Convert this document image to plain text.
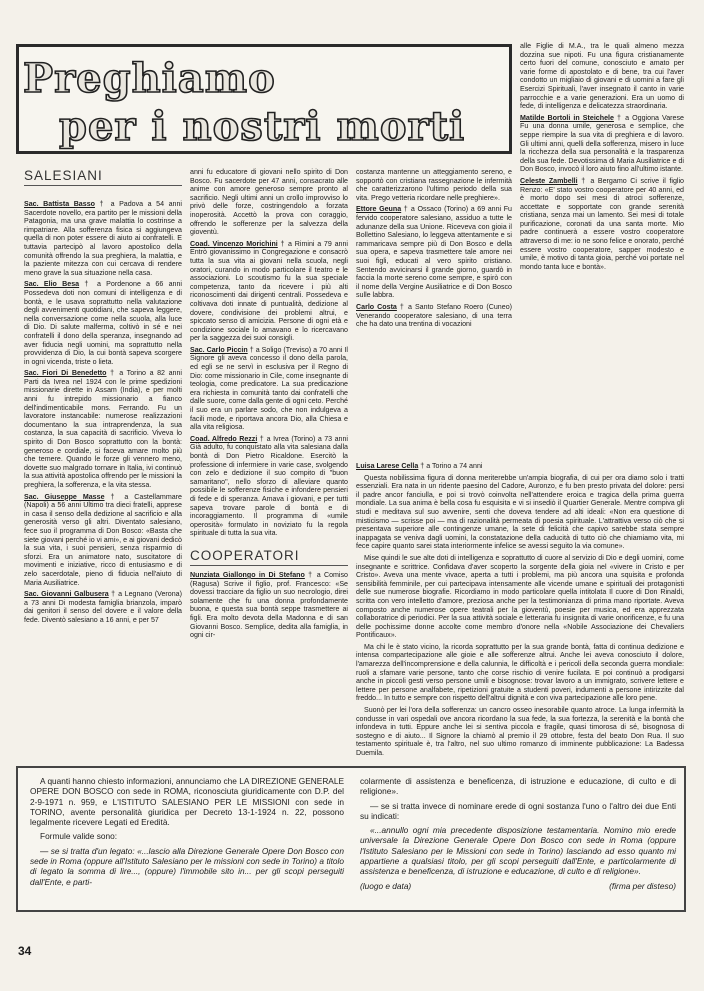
Preghiamo
per i nostri morti
SALESIANI

Sac. Battista Basso † a Padova a 54 anni Sacerdote novello, era partito per le missioni della Patagonia, ma una grave malattia lo costrinse a rimpatriare. Alla sofferenza fisica si aggiungeva quella di non poter essere di aiuto ai confratelli. E tuttavia partecipò al lavoro apostolico della comunità offrendo la sua preghiera, la malattia, e la paziente mitezza con cui cercava di rendere meno grave la sua situazione nella casa.

Sac. Elio Besa † a Pordenone a 66 anni Possedeva doti non comuni di intelligenza e di bontà, e le usava soprattutto nella valutazione degli avvenimenti quotidiani, che sapeva leggere, nella conversazione come nella scuola, alla luce di Dio. Di salute malferma, coltivò in sé e nei confratelli il dono della speranza, insegnando ad aver fiducia negli uomini, ma soprattutto nella provvidenza di Dio, la cui bontà sapeva scorgere in ogni vicenda, triste o lieta.

Sac. Fiori Di Benedetto † a Torino a 82 anni Parti da Ivrea nel 1924 con le prime spedizioni missionarie dirette in Assam (India), e per molti anni fu intrepido missionario a fianco dell'indimenticabile mons. Ferrando. Fu un lavoratore instancabile: numerose realizzazioni documentano la sua intraprendenza, la sua costanza, la sua capacità di sacrificio. Viveva lo spirito di Don Bosco soprattutto con la bontà: generoso e cordiale, si faceva amare molto più che temere. Quando le forze gli vennero meno, dovette suo malgrado tornare in Italia, ivi continuò la sua attività apostolica offrendo per le missioni la preghiera, la sofferenza, e la vita stessa.

Sac. Giuseppe Masse † a Castellammare (Napoli) a 56 anni Ultimo tra dieci fratelli, apprese in casa il senso della dedizione al sacrificio e alla generosità verso gli altri. Diventato salesiano, fece suo il programma di Don Bosco: «Basta che siete giovani perché io vi ami», e ai giovani dedicò la sua vita, i suoi pensieri, senza risparmio di sforzi. Era un animatore nato, suscitatore di movimenti e iniziative, ricco di entusiasmo e di zelo sacerdotale, pieno di fiducia nell'aiuto di Maria Ausiliatrice.

Sac. Giovanni Galbusera † a Legnano (Verona) a 73 anni Di modesta famiglia brianzola, imparò dai genitori il senso del dovere e il valore della fede. Diventò salesiano a 16 anni, e per 57

anni fu educatore di giovani nello spirito di Don Bosco. Fu sacerdote per 47 anni, consacrato alle anime con amore generoso sempre pronto al sacrificio. Negli ultimi anni un crollo improvviso lo privò delle forze, costringendolo a forzata inoperosità. Accettò la prova con coraggio, offrendo le sofferenze per la salvezza della gioventù.

Coad. Vincenzo Morichini † a Rimini a 79 anni Entrò giovanissimo in Congregazione e consacrò tutta la sua vita ai giovani nella scuola, negli oratori, curando in modo particolare il teatro e le associazioni. Lo scoutismo fu la sua speciale competenza, tanto da ricevere i più alti riconoscimenti dai dirigenti centrali. Possedeva e coltivava doti innate di puntualità, dedizione al dovere, condivisione dei problemi altrui, e spiccato senso di amicizia. Persone di ogni età e condizione sociale lo amavano e lo ricercavano per la saggezza dei suoi consigli.

Sac. Carlo Piccin † a Soligo (Treviso) a 70 anni Il Signore gli aveva concesso il dono della parola, ed egli se ne servì in esclusiva per il Regno di Dio: come missionario in Cile, come insegnante di teologia, come predicatore. La sua predicazione era richiesta in comunità tanto dai confratelli che dalle suore, come dalla gente di ogni ceto. Perché il suo era un parlare sodo, che non indulgeva a facili mode, e riportava ancora Dio, alla Chiesa e alla vita religiosa.

Coad. Alfredo Rezzi † a Ivrea (Torino) a 73 anni Già adulto, fu conquistato alla vita salesiana dalla bontà di Don Pietro Ricaldone. Esercitò la professione di infermiere in varie case, svolgendo con zelo e dedizione il suo compito di "buon samaritano", nello sforzo di alleviare quanto possibile le sofferenze fisiche e infondere pensieri di fede e di speranza. Amava i giovani, e per tutti sapeva trovare parole di bontà e di incoraggiamento. Il programma di «umile operosità» formulato in noviziato fu la regola spirituale di tutta la sua vita.

COOPERATORI

Nunziata Giallongo in Di Stefano † a Comiso (Ragusa) Scrive il figlio, prof. Francesco: «Se dovessi tracciare da figlio un suo necrologio, direi solamente che fu una donna profondamente buona, e questa sua bontà seppe trasmettere ai figli. Era molto devota della Madonna e di san Giovanni Bosco. Semplice, dedita alla famiglia, in ogni cir-

costanza mantenne un atteggiamento sereno, e sopportò con cristiana rassegnazione le infermità che caratterizzarono l'ultimo periodo della sua vita. Prego vetteria ricordare nelle preghiere».

Ettore Geuna † a Ossaco (Torino) a 69 anni Fu fervido cooperatore salesiano, assiduo a tutte le adunanze della sua Unione. Riceveva con gioia il Bollettino Salesiano, lo leggeva attentamente e si rammaricava sempre più di Don Bosco e della sua opera, e sapeva trasmettere tale amore nei suoi figli, educati al vero spirito cristiano. Sentendo avvicinarsi il grande giorno, guardò in faccia la morte sereno come sempre, e spirò con il nome della Vergine Ausiliatrice e di Don Bosco sulle labbra.

Carlo Costa † a Santo Stefano Roero (Cuneo) Venerando cooperatore salesiano, di una terra che ha dato una trentina di vocazioni

alle Figlie di M.A., tra le quali almeno mezza dozzina sue nipoti. Fu una figura cristianamente certo fuori del comune, conosciuto e amato per varie forme di apostolato e di bene, tra cui l'aver condotto un migliaio di giovani e di uomini a fare gli Esercizi Spirituali, l'aver insegnato il canto in varie parrocchie e a varie generazioni. Era un uomo di fede, di intelligenza e delicatezza straordinaria.

Matilde Bortoli in Steichele † a Oggiona Varese Fu una donna umile, generosa e semplice, che seppe riempire la sua vita di preghiera e di lavoro. Gli ultimi anni, quelli della sofferenza, misero in luce la ricchezza della sua personalità e la trasparenza della sua fede. Devotissima di Maria Ausiliatrice e di Don Bosco, invocò il loro aiuto fino all'ultimo istante.

Celeste Zambelli † a Bergamo Ci scrive il figlio Renzo: «E' stato vostro cooperatore per 40 anni, ed è morto dopo sei mesi di atroci sofferenze, accettate e sopportate con grande serenità cristiana, senza mai un lamento. Sei mesi di totale purificazione, coronati da una santa morte. Mio padre continuerà a essere vostro cooperatore attraverso di me: io ne sono felice e onorato, perché essere vostro cooperatore, sapper modesto e umile, è motivo di tanta gioia, perché voi portate nel mondo tanta luce e bontà».

Luisa Larese Cella † a Torino a 74 anni

Questa nobilissima figura di donna meriterebbe un'ampia biografia, di cui per ora diamo solo i tratti essenziali. Era nata in un ridente paesino del Cadore, Auronzo, e fu ben presto privata del dolore: persi il padre ancor fanciulla, e poi si trovò coinvolta nell'attendere eroica e tragica della prima guerra mondiale. La sua anima è bella cosa fu esquisita e vi si insediò il Quartier Generale. Mentre compiva gli studi e meditava sul suo avvenire, senti che doveva tendere ad alti ideali: «Non era questione di misticismo — scrisse poi — ma di razionalità permeata di poesia spirituale. L'attrattiva verso ciò che si presentava superiore alle contingenze umane, la sete di felicità che capivo sarebbe stata sempre inappagata se veniva dagli uomini, la constatazione della caducità di tutto ciò che chiamiamo vita, mi fece capire quanto sarei stata interiormente infelice se avessi seguito la via comune».

Mise quindi le sue alte doti di intelligenza e soprattutto di cuore al servizio di Dio e degli uomini, come insegnante e scrittrice. Confidava d'aver scoperto la sorgente della gioia nel «vivere in Cristo e per Cristo». Aveva una mente vivace, aperta a tutti i problemi, ma più ancora una squisita e profonda sensibilità femminile, per cui partecipava intensamente alle vicende umane e spirituali dei protagonisti delle sue numerose biografie. Ricordiamo in modo particolare quella intitolata Il cuore di Don Rinaldi, scritta con vero intelletto d'amore, preziosa anche per la testimonianza di prima mano riportate. Aveva composto anche numerose opere teatrali per la gioventù, poesie per musica, ed era apprezzata collaboratrice di periodici. Per la sua attività sociale e letteraria fu insignita di varie onorificenze, e fu una delle pochissime donne accolte come membro d'onore nella «Nobile Associazione dei Chevaliers Pontificaux».

Ma chi le è stato vicino, la ricorda soprattutto per la sua grande bontà, fatta di continua dedizione e intensa compartecipazione alle gioie e alle sofferenze altrui. Anche lei aveva conosciuto il dolore, l'amarezza dell'incomprensione e della calunnia, le difficoltà e i pericoli della seconda guerra mondiale: ruoli a sfamare varie persone, tanto che corse rischio di venire fucilata. E poi continuò a prodigarsi anche in piccoli gesti verso persone umili e bisognose: trovar lavoro a un immigrato, scrivere lettere e lettere per persone analfabete, ripetizioni gratuite a studenti poveri, indumenti a persone intirizzite dal freddo... In tutto e sempre con rispetto dell'altrui dignità e con viva partecipazione alle loro pene.

Suonò per lei l'ora della sofferenza: un cancro osseo inesorabile quanto atroce. La lunga infermità la condusse in vari ospedali ove ancora ricordano la sua fede, la sua fortezza, la serenità e la bontà che infondeva in tutti. Eppure anche lei si sentiva piccola e fragile, quasi timorosa di sé, bisognosa di sostegno e di aiuto... Il Signore la chiamò al premio il 29 ottobre, festa del beato Don Rua. Il suo testamento spirituale è, tra l'altro, nel suo ultimo romanzo di imminente pubblicazione: La Badessa Duemila.

A quanti hanno chiesto informazioni, annunciamo che LA DIREZIONE GENERALE OPERE DON BOSCO con sede in ROMA, riconosciuta giuridicamente con D.P. del 2-9-1971 n. 959, e L'ISTITUTO SALESIANO PER LE MISSIONI con sede in TORINO, avente personalità giuridica per Decreto 13-1-1924 n. 22, possono legalmente ricevere Legati ed Eredità.

Formule valide sono:

— se si tratta d'un legato: «...lascio alla Direzione Generale Opere Don Bosco con sede in Roma (oppure all'Istituto Salesiano per le missioni con sede in Torino) a titolo di legato la somma di lire..., (oppure) l'immobile sito in... per gli scopi perseguiti dall'Ente, e parti-

colarmente di assistenza e beneficenza, di istruzione e educazione, di culto e di religione».

— se si tratta invece di nominare erede di ogni sostanza l'uno o l'altro dei due Enti su indicati:

«...annullo ogni mia precedente disposizione testamentaria. Nomino mio erede universale la Direzione Generale Opere Don Bosco con sede in Roma (oppure l'Istituto Salesiano per le Missioni con sede in Torino) lasciando ad esso quanto mi appartiene a qualsiasi titolo, per gli scopi perseguiti dall'Ente, e particolarmente di assistenza e beneficenza, di istruzione e educazione, di culto e di religione».

(luogo e data)	(firma per disteso)

34
